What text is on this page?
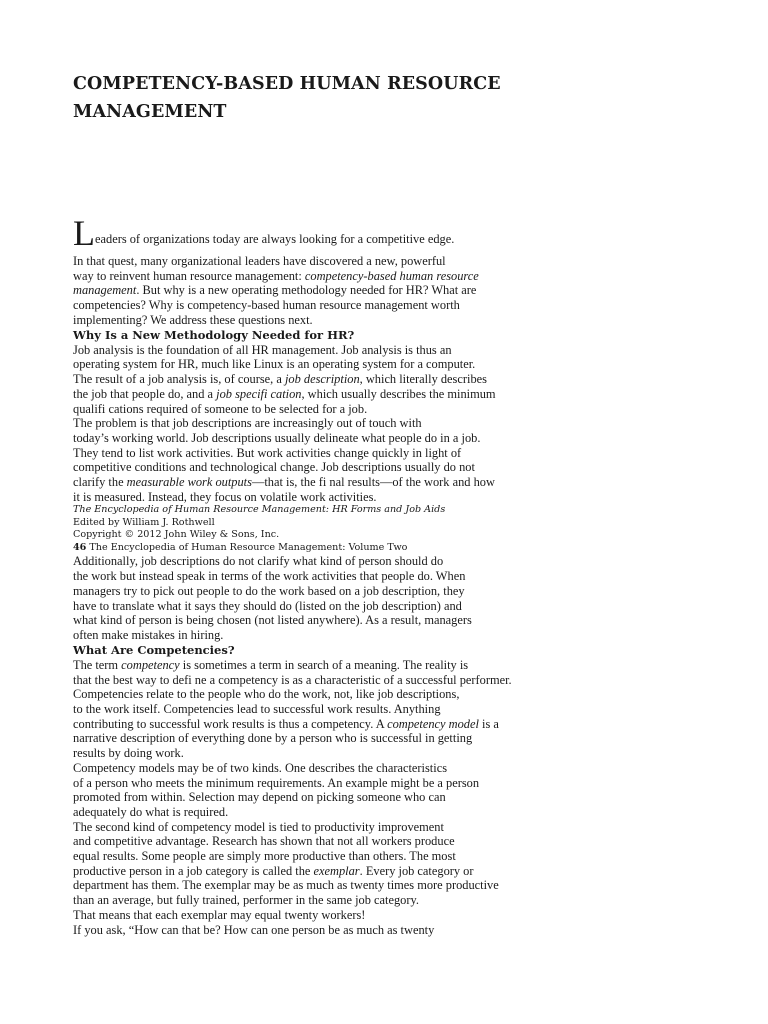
COMPETENCY-BASED HUMAN RESOURCE
MANAGEMENT
Leaders of organizations today are always looking for a competitive edge.
In that quest, many organizational leaders have discovered a new, powerful
way to reinvent human resource management: competency-based human resource
management. But why is a new operating methodology needed for HR? What are
competencies? Why is competency-based human resource management worth
implementing? We address these questions next.
Why Is a New Methodology Needed for HR?
Job analysis is the foundation of all HR management. Job analysis is thus an
operating system for HR, much like Linux is an operating system for a computer.
The result of a job analysis is, of course, a job description, which literally describes
the job that people do, and a job specifi cation, which usually describes the minimum
qualifi cations required of someone to be selected for a job.
The problem is that job descriptions are increasingly out of touch with
today’s working world. Job descriptions usually delineate what people do in a job.
They tend to list work activities. But work activities change quickly in light of
competitive conditions and technological change. Job descriptions usually do not
clarify the measurable work outputs—that is, the fi nal results—of the work and how
it is measured. Instead, they focus on volatile work activities.
The Encyclopedia of Human Resource Management: HR Forms and Job Aids
Edited by William J. Rothwell
Copyright © 2012 John Wiley & Sons, Inc.
46 The Encyclopedia of Human Resource Management: Volume Two
Additionally, job descriptions do not clarify what kind of person should do
the work but instead speak in terms of the work activities that people do. When
managers try to pick out people to do the work based on a job description, they
have to translate what it says they should do (listed on the job description) and
what kind of person is being chosen (not listed anywhere). As a result, managers
often make mistakes in hiring.
What Are Competencies?
The term competency is sometimes a term in search of a meaning. The reality is
that the best way to defi ne a competency is as a characteristic of a successful performer.
Competencies relate to the people who do the work, not, like job descriptions,
to the work itself. Competencies lead to successful work results. Anything
contributing to successful work results is thus a competency. A competency model is a
narrative description of everything done by a person who is successful in getting
results by doing work.
Competency models may be of two kinds. One describes the characteristics
of a person who meets the minimum requirements. An example might be a person
promoted from within. Selection may depend on picking someone who can
adequately do what is required.
The second kind of competency model is tied to productivity improvement
and competitive advantage. Research has shown that not all workers produce
equal results. Some people are simply more productive than others. The most
productive person in a job category is called the exemplar. Every job category or
department has them. The exemplar may be as much as twenty times more productive
than an average, but fully trained, performer in the same job category.
That means that each exemplar may equal twenty workers!
If you ask, “How can that be? How can one person be as much as twenty
